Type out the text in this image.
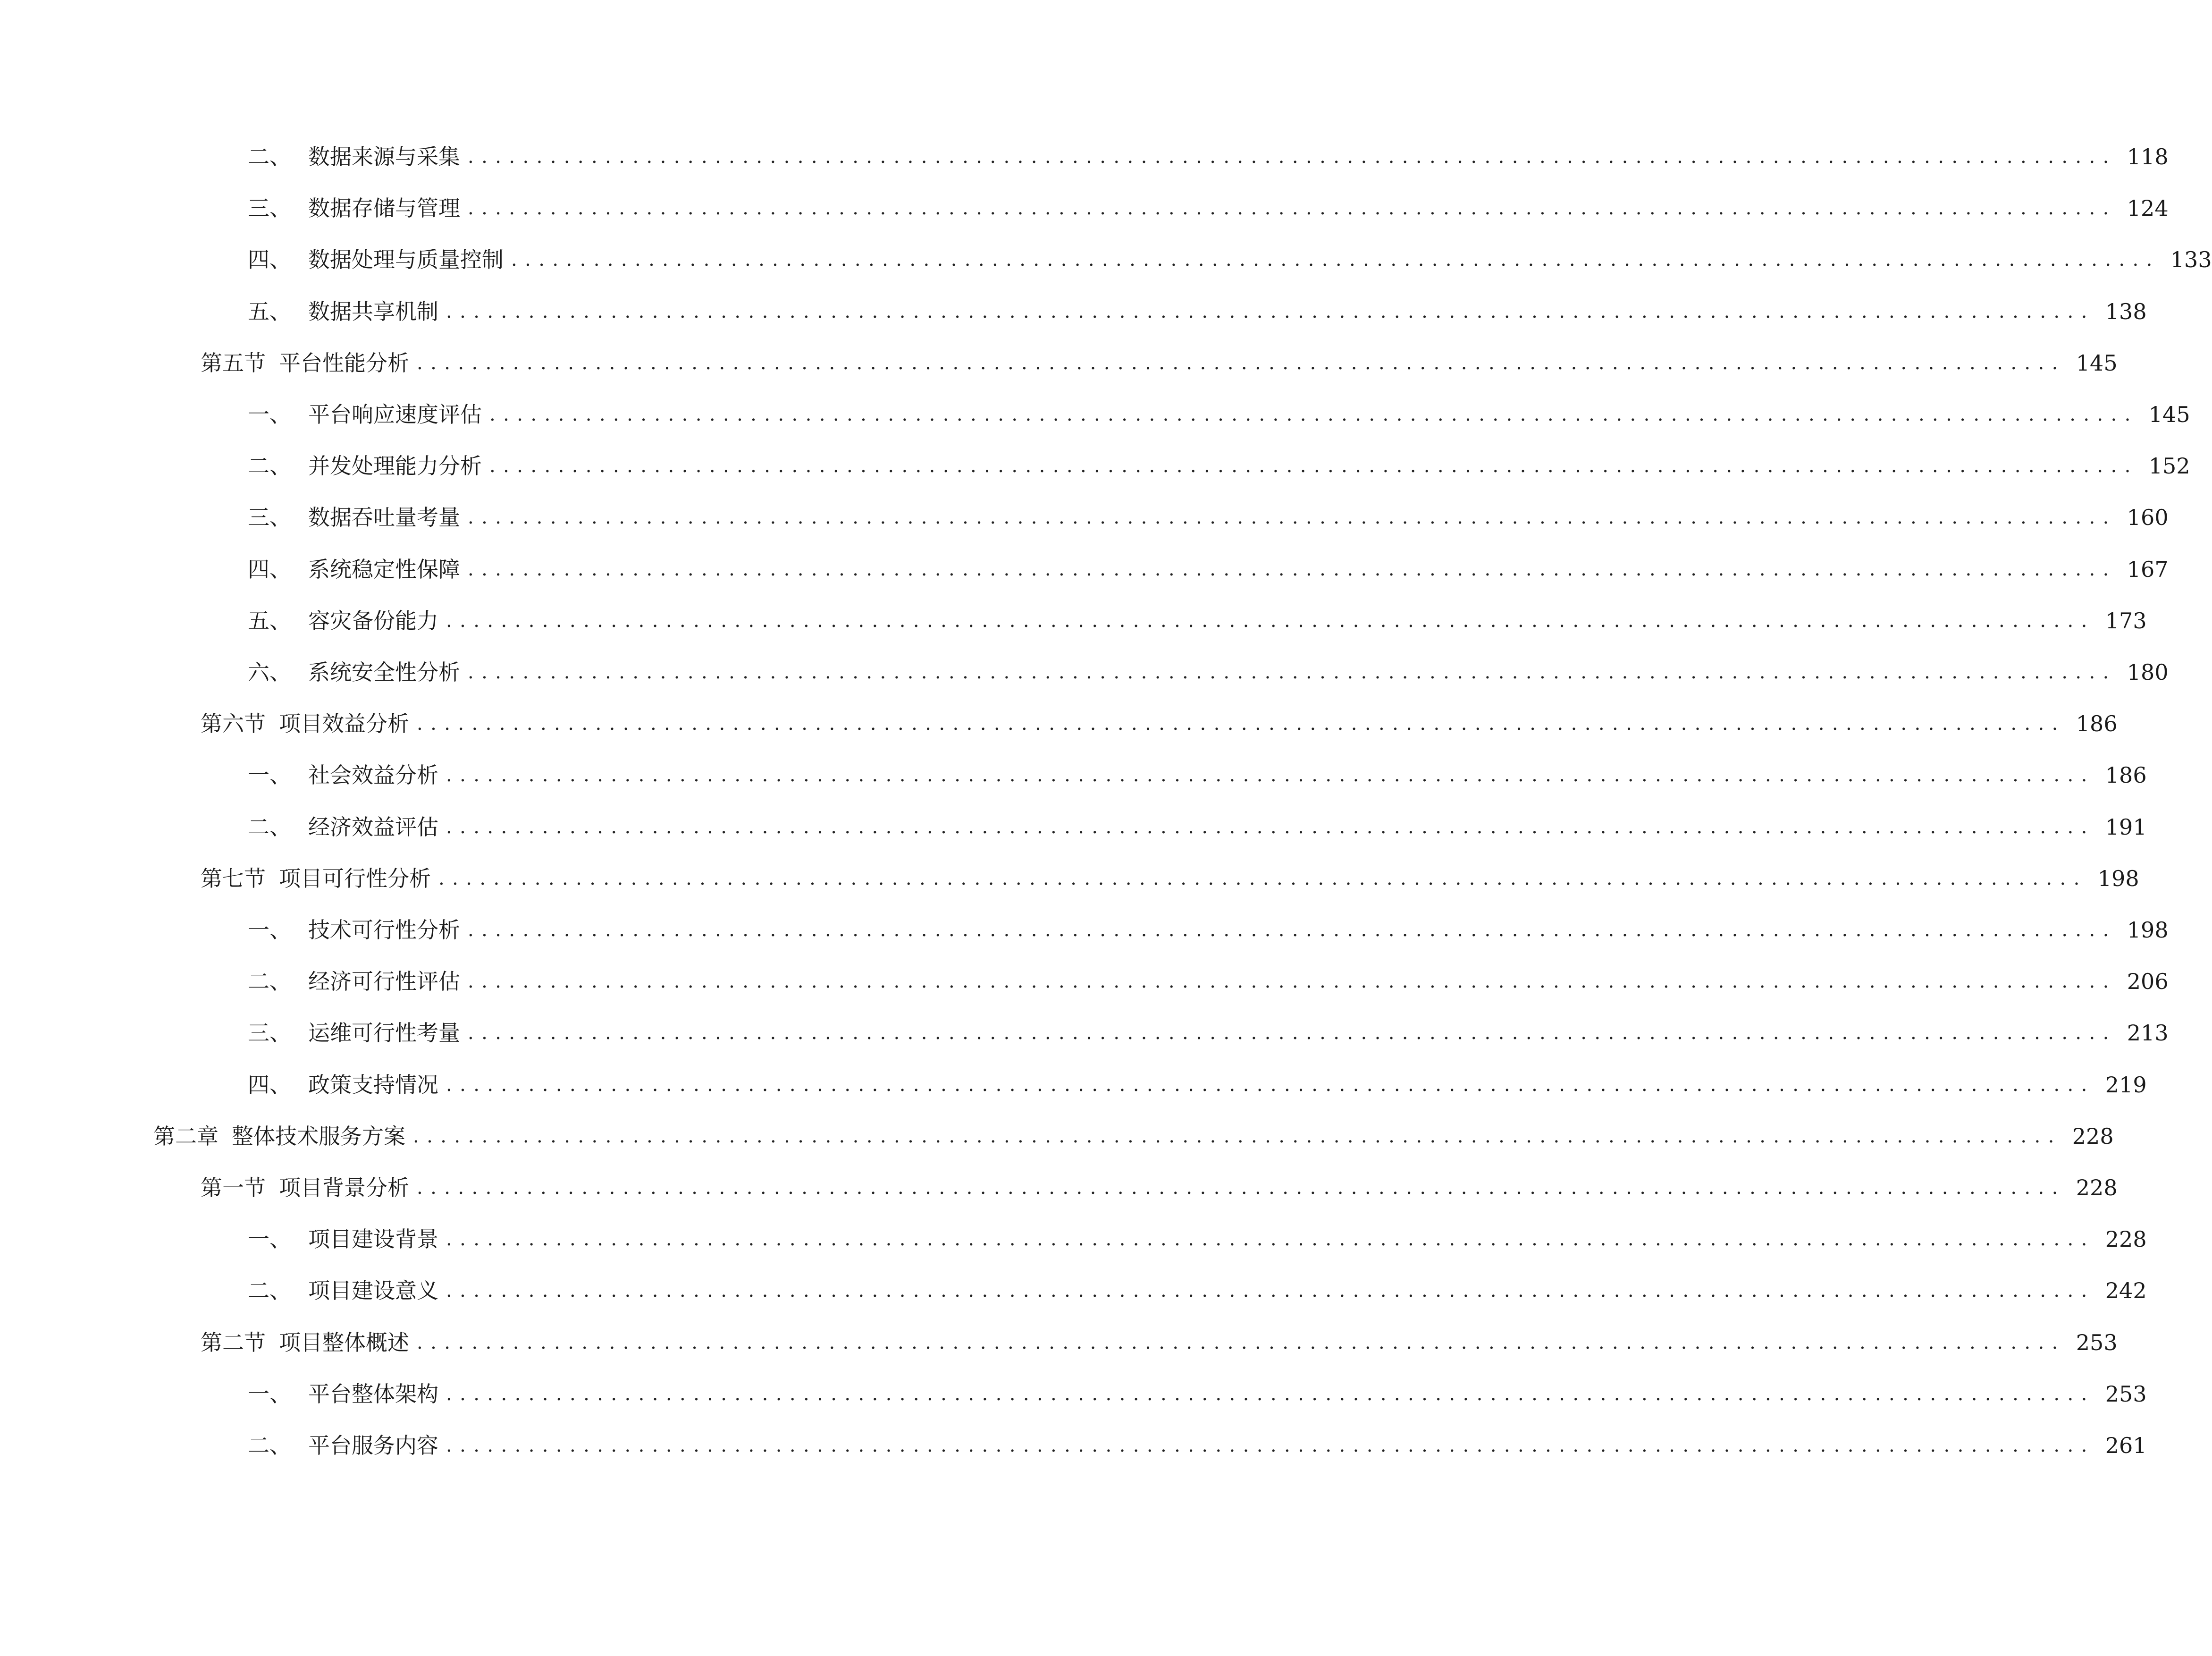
二、 数据来源与采集 ........................................................................................................................ 118
三、 数据存储与管理 ........................................................................................................................ 124
四、 数据处理与质量控制 ........................................................................................................................ 133
五、 数据共享机制 ........................................................................................................................ 138
第五节 平台性能分析 ........................................................................................................................ 145
一、 平台响应速度评估 ........................................................................................................................ 145
二、 并发处理能力分析 ........................................................................................................................ 152
三、 数据吞吐量考量 ........................................................................................................................ 160
四、 系统稳定性保障 ........................................................................................................................ 167
五、 容灾备份能力 ........................................................................................................................ 173
六、 系统安全性分析 ........................................................................................................................ 180
第六节 项目效益分析 ........................................................................................................................ 186
一、 社会效益分析 ........................................................................................................................ 186
二、 经济效益评估 ........................................................................................................................ 191
第七节 项目可行性分析 ........................................................................................................................ 198
一、 技术可行性分析 ........................................................................................................................ 198
二、 经济可行性评估 ........................................................................................................................ 206
三、 运维可行性考量 ........................................................................................................................ 213
四、 政策支持情况 ........................................................................................................................ 219
第二章 整体技术服务方案 ........................................................................................................................ 228
第一节 项目背景分析 ........................................................................................................................ 228
一、 项目建设背景 ........................................................................................................................ 228
二、 项目建设意义 ........................................................................................................................ 242
第二节 项目整体概述 ........................................................................................................................ 253
一、 平台整体架构 ........................................................................................................................ 253
二、 平台服务内容 ........................................................................................................................ 261
